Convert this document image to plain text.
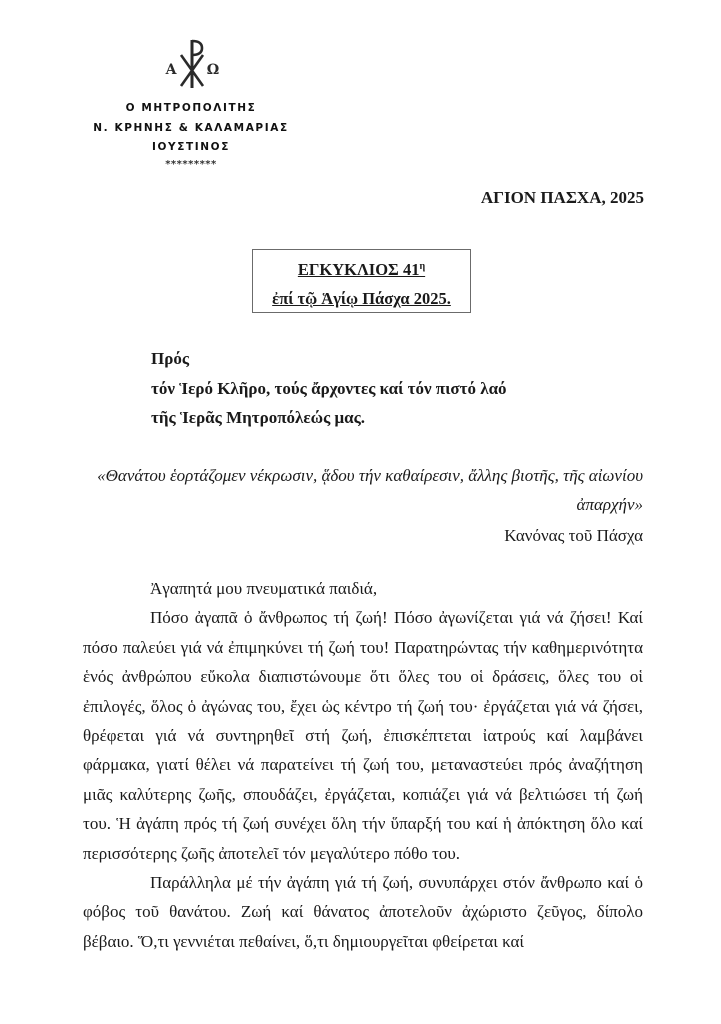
Α Ω
Ο ΜΗΤΡΟΠΟΛΙΤΗΣ
Ν. ΚΡΗΝΗΣ & ΚΑΛΑΜΑΡΙΑΣ
ΙΟΥΣΤΙΝΟΣ
*********
ΑΓΙΟΝ ΠΑΣΧΑ, 2025
ΕΓΚΥΚΛΙΟΣ $41^\eta$
ἐπί τῷ Ἁγίῳ Πάσχα 2025.
Πρός
τόν Ἱερό Κλῆρο, τούς ἄρχοντες καί τόν πιστό λαό
τῆς Ἱερᾶς Μητροπόλεώς μας.
«Θανάτου ἑορτάζομεν νέκρωσιν, ᾅδου τήν καθαίρεσιν, ἄλλης βιοτῆς, τῆς αἰωνίου ἀπαρχήν»
Κανόνας τοῦ Πάσχα

Ἀγαπητά μου πνευματικά παιδιά,

Πόσο ἀγαπᾶ ὁ ἄνθρωπος τή ζωή! Πόσο ἀγωνίζεται γιά νά ζήσει! Καί πόσο παλεύει γιά νά ἐπιμηκύνει τή ζωή του! Παρατηρώντας τήν καθημερινότητα ἑνός ἀνθρώπου εὔκολα διαπιστώνουμε ὅτι ὅλες του οἱ δράσεις, ὅλες του οἱ ἐπιλογές, ὅλος ὁ ἀγώνας του, ἔχει ὡς κέντρο τή ζωή του· ἐργάζεται γιά νά ζήσει, θρέφεται γιά νά συντηρηθεῖ στή ζωή, ἐπισκέπτεται ἰατρούς καί λαμβάνει φάρμακα, γιατί θέλει νά παρατείνει τή ζωή του, μεταναστεύει πρός ἀναζήτηση μιᾶς καλύτερης ζωῆς, σπουδάζει, ἐργάζεται, κοπιάζει γιά νά βελτιώσει τή ζωή του. Ἡ ἀγάπη πρός τή ζωή συνέχει ὅλη τήν ὕπαρξή του καί ἡ ἀπόκτηση ὅλο καί περισσότερης ζωῆς ἀποτελεῖ τόν μεγαλύτερο πόθο του.

Παράλληλα μέ τήν ἀγάπη γιά τή ζωή, συνυπάρχει στόν ἄνθρωπο καί ὁ φόβος τοῦ θανάτου. Ζωή καί θάνατος ἀποτελοῦν ἀχώριστο ζεῦγος, δίπολο βέβαιο. Ὅ,τι γεννιέται πεθαίνει, ὅ,τι δημιουργεῖται φθείρεται καί
